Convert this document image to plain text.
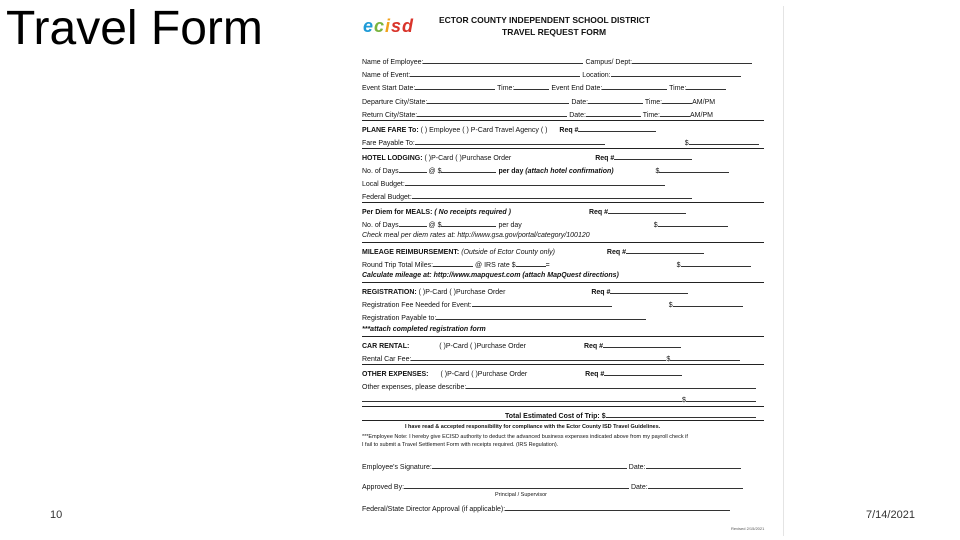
Travel Form	ecisd	ECTOR COUNTY INDEPENDENT SCHOOL DISTRICT
TRAVEL REQUEST FORM
Name of Employee:	Campus/ Dept:
Name of Event:	Location:
Event Start Date:	Time:	Event End Date:	Time:
Departure City/State:	Date:	Time:	AM/PM
Return City/State:	Date:	Time:	AM/PM
PLANE FARE To: ( ) Employee ( ) P-Card Travel Agency ( ) Req #
Fare Payable To:	$
HOTEL LODGING: ( )P-Card ( )Purchase Order	Req #
No. of Days	@ $	per day (attach hotel confirmation)	$
Local Budget:
Federal Budget:
Per Diem for MEALS: ( No receipts required )	Req #
No. of Days	@ $	per day	$
Check meal per diem rates at: http://www.gsa.gov/portal/category/100120
MILEAGE REIMBURSEMENT: (Outside of Ector County only)	Req #
Round Trip Total Miles:	@ IRS rate $	=	$
Calculate mileage at: http://www.mapquest.com (attach MapQuest directions)
REGISTRATION: ( )P-Card ( )Purchase Order	Req #
Registration Fee Needed for Event:	$
Registration Payable to:
***attach completed registration form
CAR RENTAL:	( )P-Card ( )Purchase Order	Req #
Rental Car Fee:	$
OTHER EXPENSES: ( )P-Card ( )Purchase Order	Req #
Other expenses, please describe:
$
Total Estimated Cost of Trip: $
I have read & accepted responsibility for compliance with the Ector County ISD Travel Guidelines.
***Employee Note: I hereby give ECISD authority to deduct the advanced business expenses indicated above from my payroll check if
I fail to submit a Travel Settlement Form with receipts required. (IRS Regulation).
Employee's Signature:	Date:
Approved By:	Date:
Principal / Supervisor
Federal/State Director Approval (if applicable):
Revised 2/15/2021
10	7/14/2021
